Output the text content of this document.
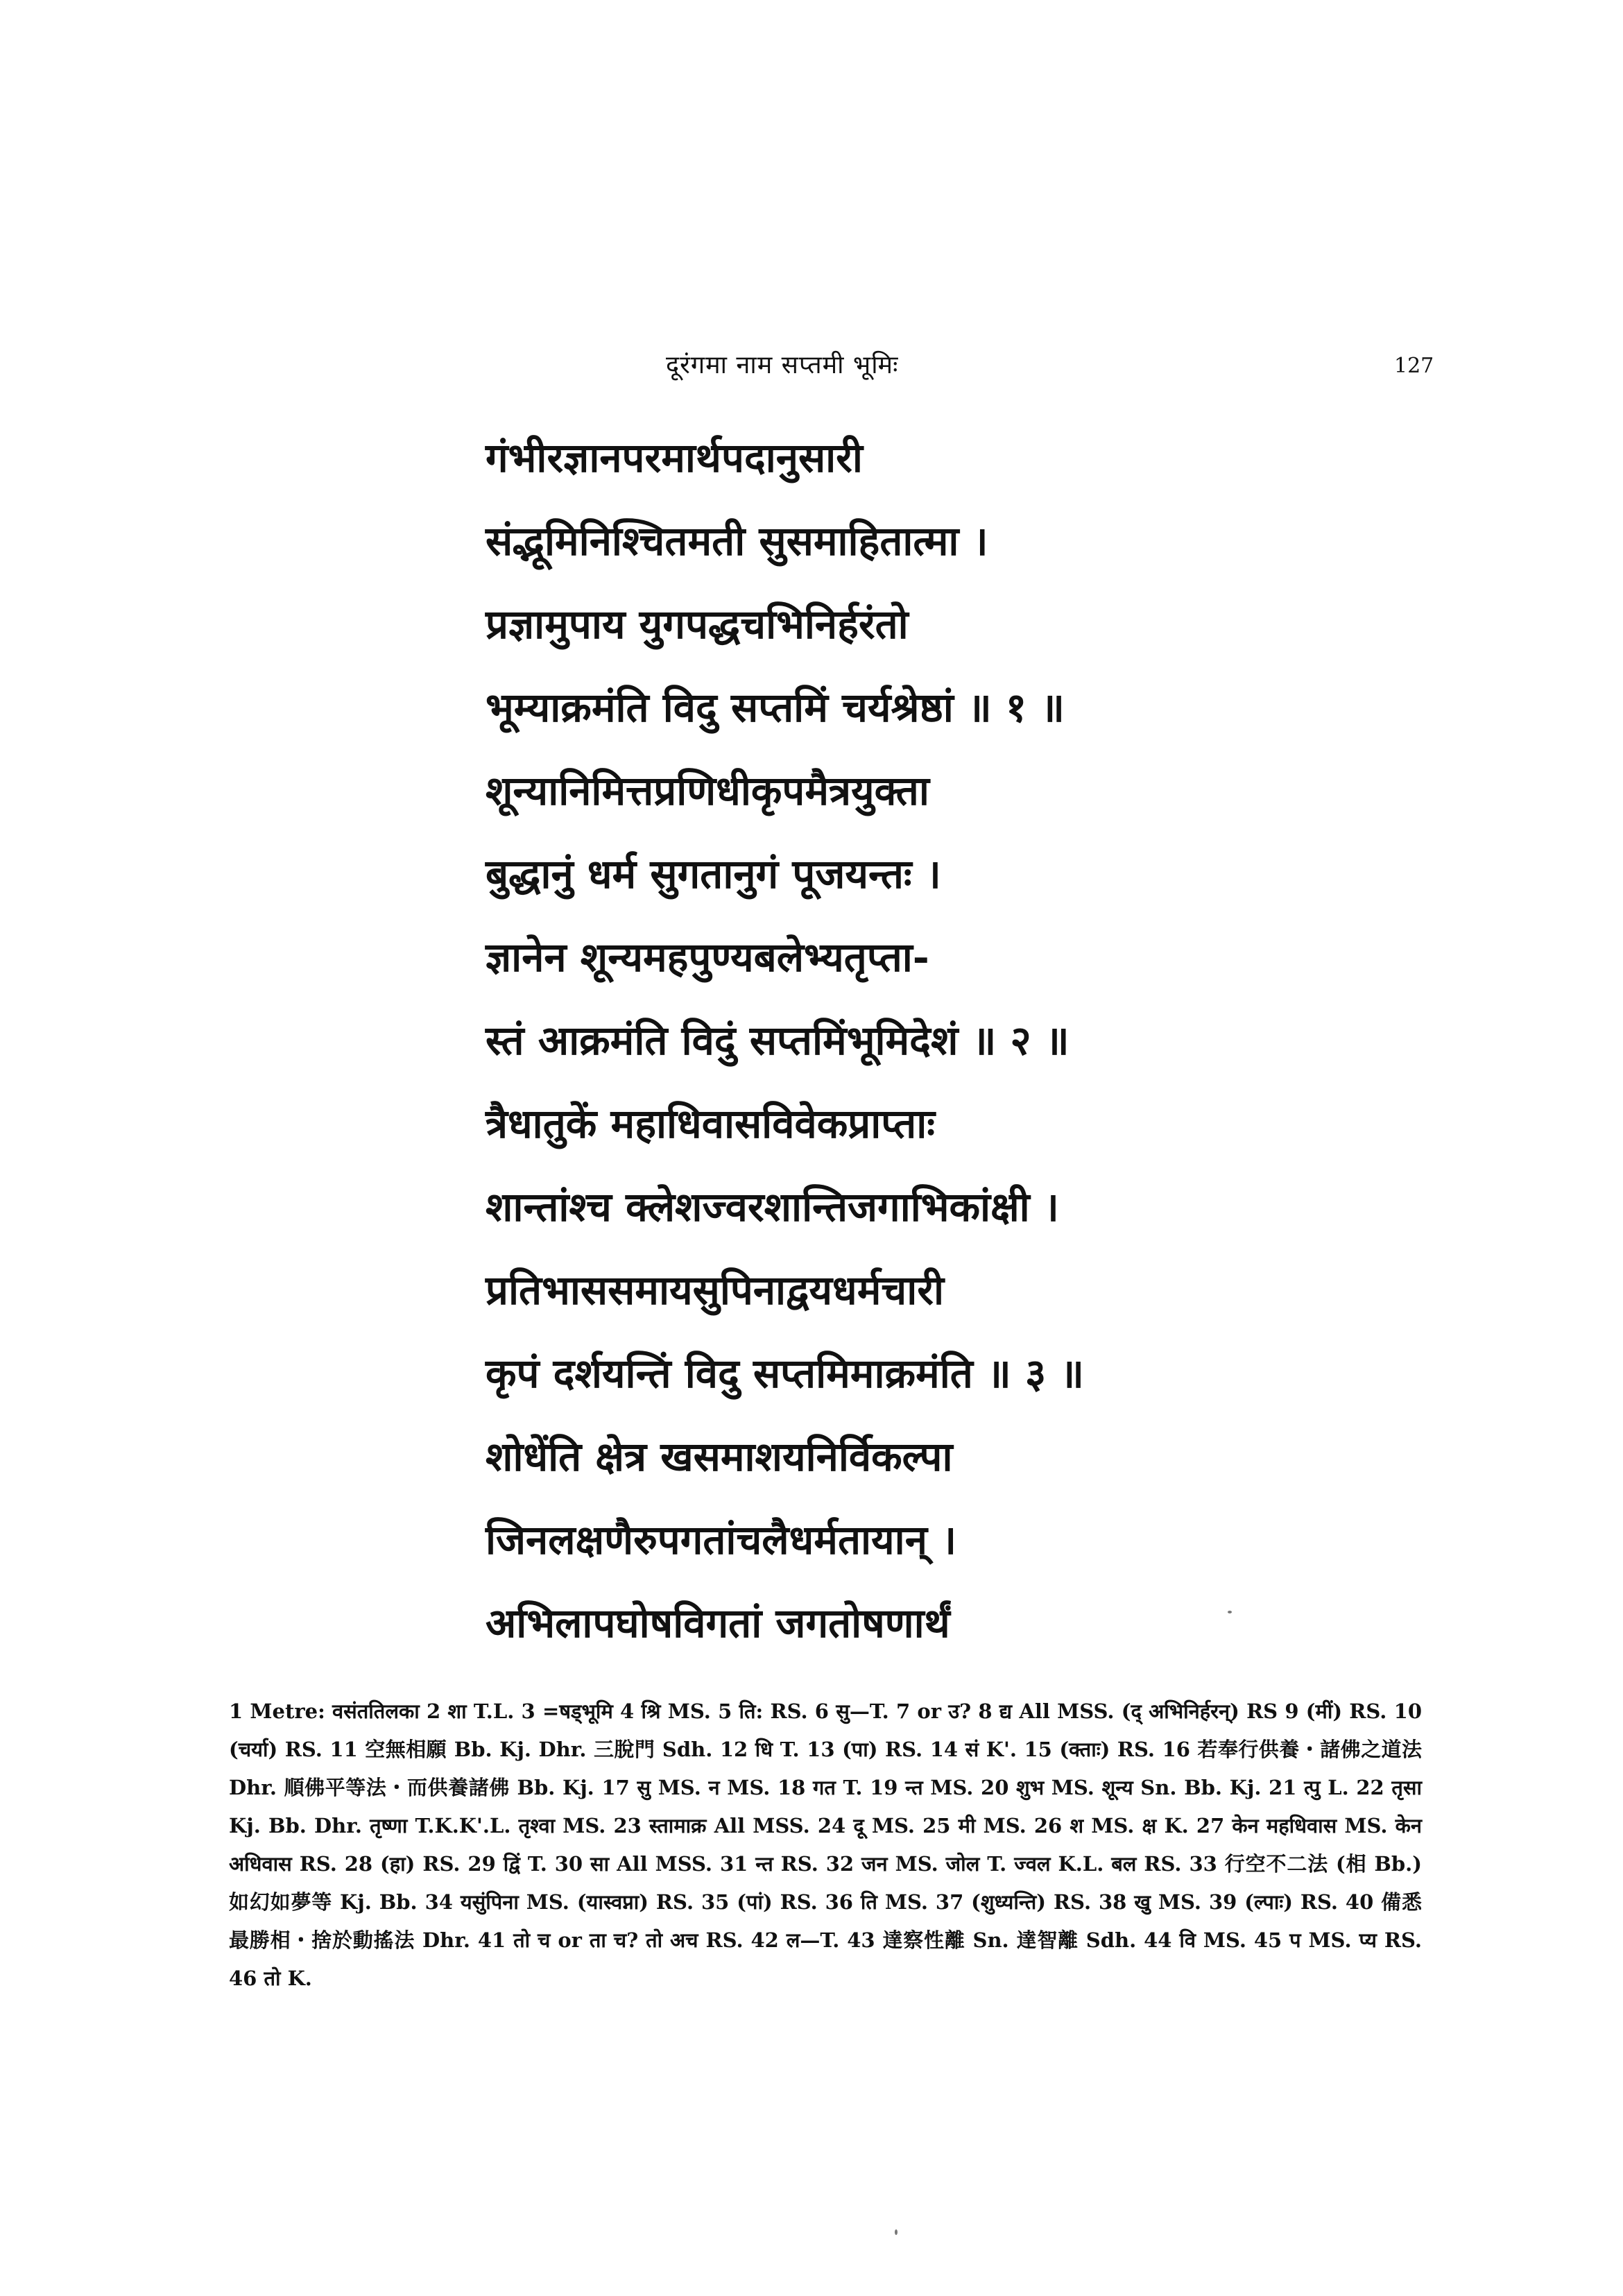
दूरंगमा नाम सप्तमी भूमिः	127
गंभीरज्ञानपरमार्थपदानुसारी
संद्भूमिनिश्चितमती सुसमाहितात्मा ।
प्रज्ञामुपाय युगपद्धचभिनिर्हरंतो
भूम्याक्रमंति विदु सप्तमिं चर्यश्रेष्ठां ॥ १ ॥
शून्यानिमित्तप्रणिधीकृपमैत्रयुक्ता
बुद्धानुं धर्म सुगतानुगं पूजयन्तः ।
ज्ञानेन शून्यमहपुण्यबलेभ्यतृप्ता-
स्तं आक्रमंति विदुं सप्तमिंभूमिदेशं ॥ २ ॥
त्रैधातुकें महाधिवासविवेकप्राप्ताः
शान्तांश्च क्लेशज्वरशान्तिजगाभिकांक्षी ।
प्रतिभाससमायसुपिनाद्वयधर्मचारी
कृपं दर्शयन्तिं विदु सप्तमिमाक्रमंति ॥ ३ ॥
शोधेंति क्षेत्र खसमाशयनिर्विकल्पा
जिनलक्षणैरुपगतांचलैधर्मतायान् ।
अभिलापघोषविगतां जगतोषणार्थं
1 Metre: वसंततिलका 2 शा T.L. 3 =षड्भूमि 4 श्रि MS. 5 ति: RS. 6 सु—T. 7 or उ? 8 द्य All MSS. (द् अभिनिर्हरन्) RS 9 (मीं) RS. 10 (चर्या) RS. 11 空無相願 Bb. Kj. Dhr. 三脫門 Sdh. 12 धि T. 13 (पा) RS. 14 सं K'. 15 (क्ताः) RS. 16 若奉行供養・諸佛之道法 Dhr. 順佛平等法・而供養諸佛 Bb. Kj. 17 सु MS. न MS. 18 गत T. 19 न्त MS. 20 शुभ MS. शून्य Sn. Bb. Kj. 21 त्पु L. 22 तृसा Kj. Bb. Dhr. तृष्णा T.K.K'.L. तृश्वा MS. 23 स्तामाक्र All MSS. 24 दू MS. 25 मी MS. 26 श MS. क्ष K. 27 केन महधिवास MS. केन अधिवास RS. 28 (हा) RS. 29 द्विं T. 30 सा All MSS. 31 न्त RS. 32 जन MS. जोल T. ज्वल K.L. बल RS. 33 行空不二法 (相 Bb.) 如幻如夢等 Kj. Bb. 34 यसुंपिना MS. (यास्वप्ना) RS. 35 (पां) RS. 36 ति MS. 37 (शुध्यन्ति) RS. 38 खु MS. 39 (ल्पाः) RS. 40 備悉最勝相・捨於動搖法 Dhr. 41 तो च or ता च? तो अच RS. 42 ल—T. 43 達察性離 Sn. 達智離 Sdh. 44 वि MS. 45 प MS. प्य RS. 46 तो K.
